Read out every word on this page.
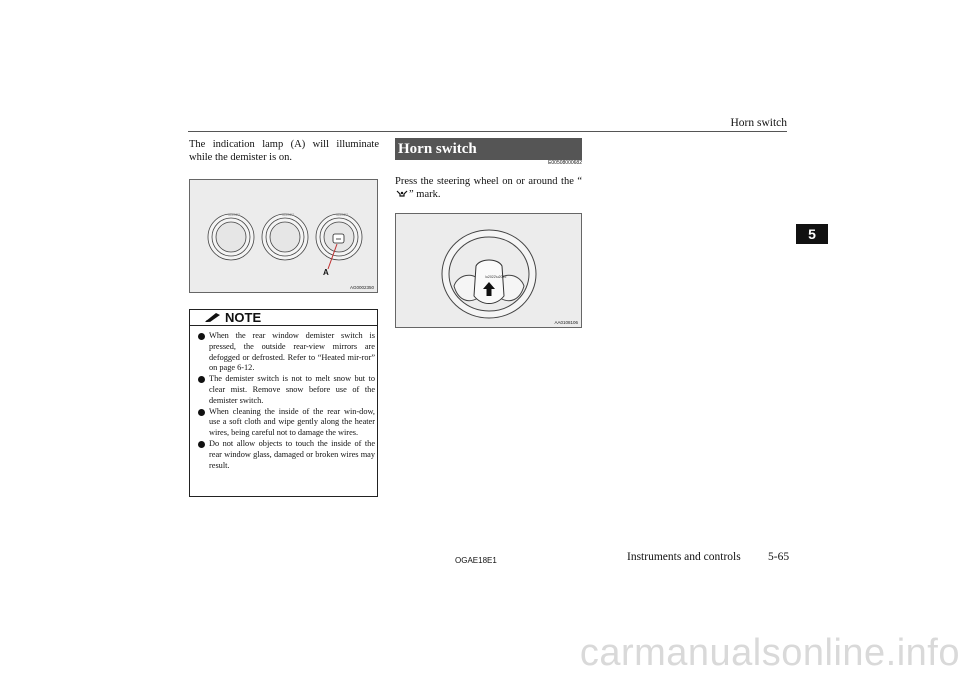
Horn switch
5
The indication lamp (A) will illuminate while the demister is on.
\u2022	\u2022	\u2022
A
AG0002350
NOTE
When the rear window demister switch is pressed, the outside rear-view mirrors are defogged or defrosted. Refer to “Heated mir-ror” on page 6-12.
The demister switch is not to melt snow but to clear mist. Remove snow before use of the demister switch.
When cleaning the inside of the rear win-dow, use a soft cloth and wipe gently along the heater wires, being careful not to damage the wires.
Do not allow objects to touch the inside of the rear window glass, damaged or broken wires may result.
Horn switch
E00508000682
Press the steering wheel on or around the “” mark.
\u2022\u2022
AA0108106
OGAE18E1	Instruments and controls 5-65
carmanualsonline.info
